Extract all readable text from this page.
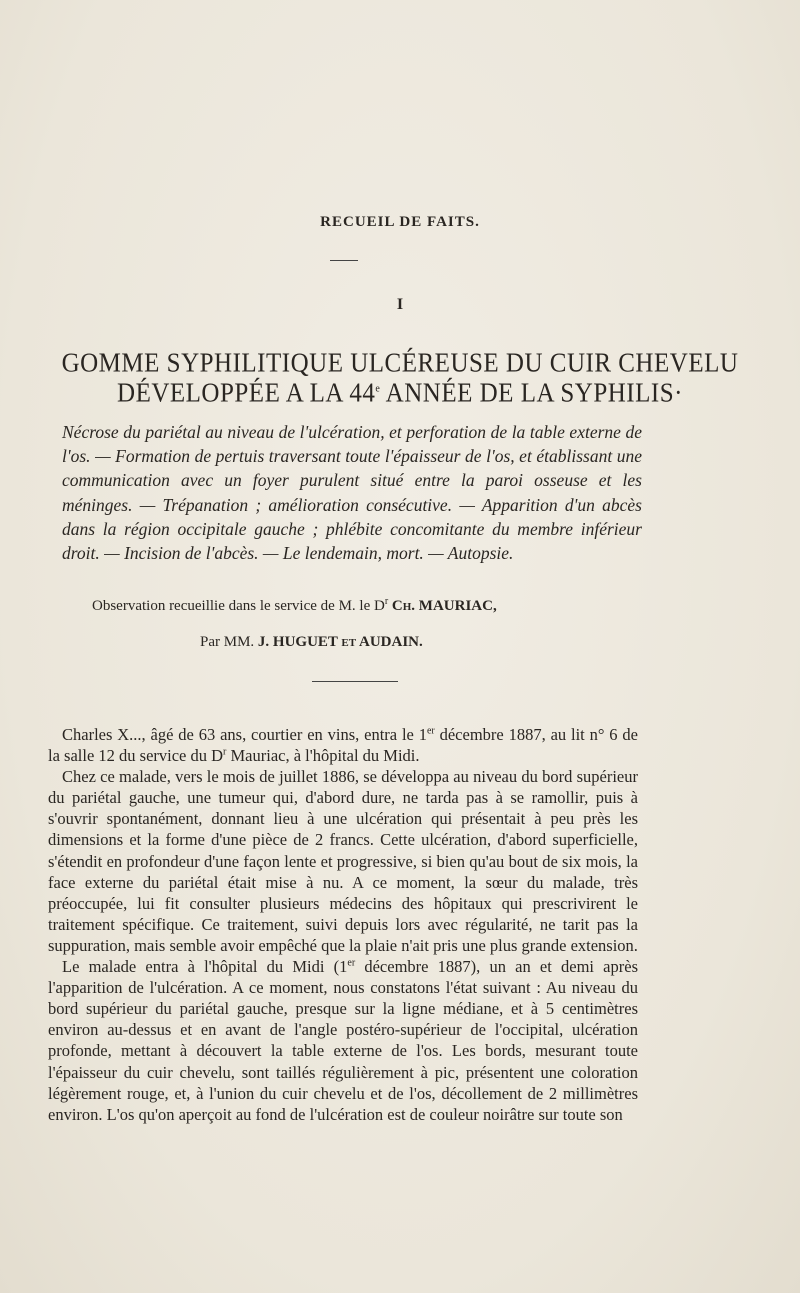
RECUEIL DE FAITS.
I
GOMME SYPHILITIQUE ULCÉREUSE DU CUIR CHEVELU
DÉVELOPPÉE A LA 44e ANNÉE DE LA SYPHILIS·
Nécrose du pariétal au niveau de l'ulcération, et perforation de la table externe de l'os. — Formation de pertuis traversant toute l'épaisseur de l'os, et établissant une communication avec un foyer purulent situé entre la paroi osseuse et les méninges. — Trépanation ; amélioration consécutive. — Apparition d'un abcès dans la région occipitale gauche ; phlébite concomitante du membre inférieur droit. — Incision de l'abcès. — Le lendemain, mort. — Autopsie.
Observation recueillie dans le service de M. le $D^r$ Ch. MAURIAC,
Par MM. J. HUGUET et AUDAIN.

Charles X..., âgé de 63 ans, courtier en vins, entra le 1er décembre 1887, au lit n° 6 de la salle 12 du service du $D^r$ Mauriac, à l'hôpital du Midi.

Chez ce malade, vers le mois de juillet 1886, se développa au niveau du bord supérieur du pariétal gauche, une tumeur qui, d'abord dure, ne tarda pas à se ramollir, puis à s'ouvrir spontanément, donnant lieu à une ulcération qui présentait à peu près les dimensions et la forme d'une pièce de 2 francs. Cette ulcération, d'abord superficielle, s'étendit en profondeur d'une façon lente et progressive, si bien qu'au bout de six mois, la face externe du pariétal était mise à nu. A ce moment, la sœur du malade, très préoccupée, lui fit consulter plusieurs médecins des hôpitaux qui prescrivirent le traitement spécifique. Ce traitement, suivi depuis lors avec régularité, ne tarit pas la suppuration, mais semble avoir empêché que la plaie n'ait pris une plus grande extension.

Le malade entra à l'hôpital du Midi (1er décembre 1887), un an et demi après l'apparition de l'ulcération. A ce moment, nous constatons l'état suivant : Au niveau du bord supérieur du pariétal gauche, presque sur la ligne médiane, et à 5 centimètres environ au-dessus et en avant de l'angle postéro-supérieur de l'occipital, ulcération profonde, mettant à découvert la table externe de l'os. Les bords, mesurant toute l'épaisseur du cuir chevelu, sont taillés régulièrement à pic, présentent une coloration légèrement rouge, et, à l'union du cuir chevelu et de l'os, décollement de 2 millimètres environ. L'os qu'on aperçoit au fond de l'ulcération est de couleur noirâtre sur toute son
